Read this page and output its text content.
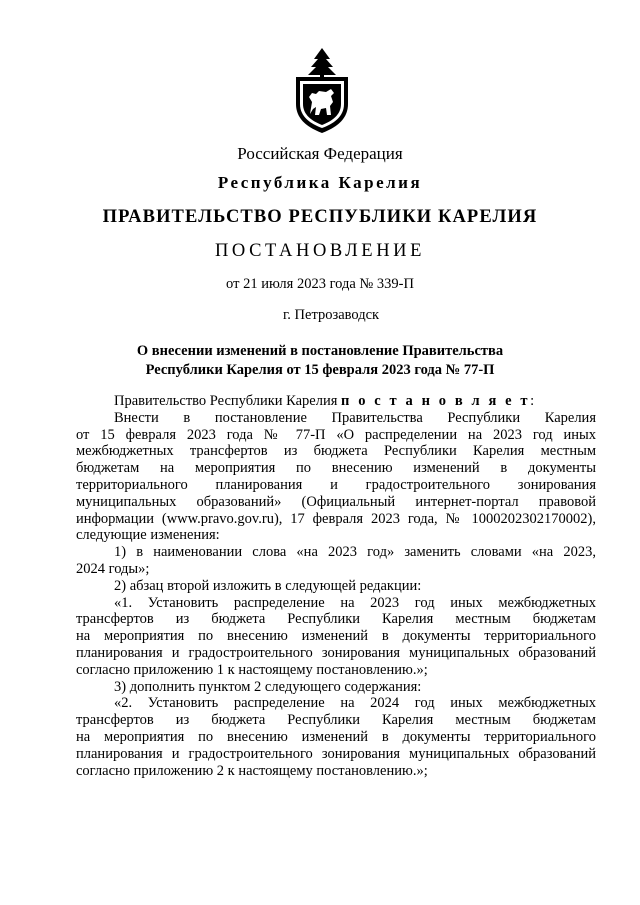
Российская Федерация
Республика Карелия
ПРАВИТЕЛЬСТВО РЕСПУБЛИКИ КАРЕЛИЯ
ПОСТАНОВЛЕНИЕ
от 21 июля 2023 года № 339-П
г. Петрозаводск
О внесении изменений в постановление Правительства
Республики Карелия от 15 февраля 2023 года № 77-П

Правительство Республики Карелия п о с т а н о в л я е т:

Внести в постановление Правительства Республики Карелия

от 15 февраля 2023 года № 77-П «О распределении на 2023 год иных

межбюджетных трансфертов из бюджета Республики Карелия местным

бюджетам на мероприятия по внесению изменений в документы

территориального планирования и градостроительного зонирования

муниципальных образований» (Официальный интернет-портал правовой

информации (www.pravo.gov.ru), 17 февраля 2023 года, № 1000202302170002),

следующие изменения:

1) в наименовании слова «на 2023 год» заменить словами «на 2023,

2024 годы»;

2) абзац второй изложить в следующей редакции:

«1. Установить распределение на 2023 год иных межбюджетных

трансфертов из бюджета Республики Карелия местным бюджетам

на мероприятия по внесению изменений в документы территориального

планирования и градостроительного зонирования муниципальных образований

согласно приложению 1 к настоящему постановлению.»;

3) дополнить пунктом 2 следующего содержания:

«2. Установить распределение на 2024 год иных межбюджетных

трансфертов из бюджета Республики Карелия местным бюджетам

на мероприятия по внесению изменений в документы территориального

планирования и градостроительного зонирования муниципальных образований

согласно приложению 2 к настоящему постановлению.»;
